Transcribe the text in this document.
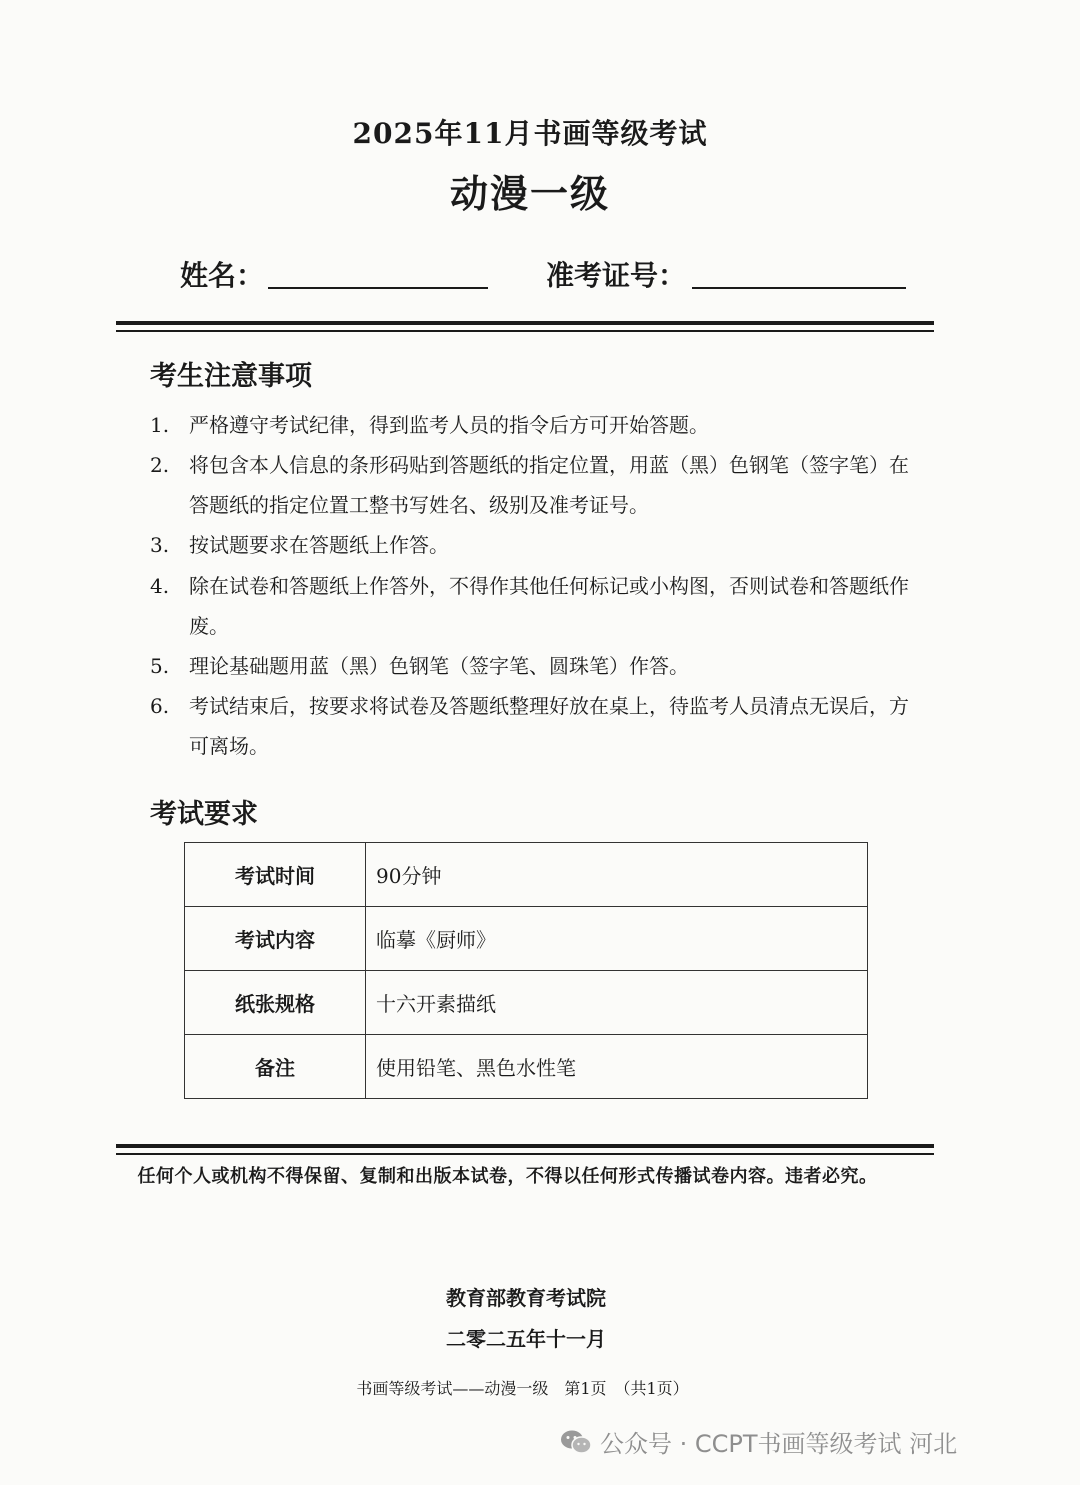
2025年11月书画等级考试
动漫一级
姓名：	准考证号：
考生注意事项
1. 严格遵守考试纪律，得到监考人员的指令后方可开始答题。
2. 将包含本人信息的条形码贴到答题纸的指定位置，用蓝（黑）色钢笔（签字笔）在答题纸的指定位置工整书写姓名、级别及准考证号。
3. 按试题要求在答题纸上作答。
4. 除在试卷和答题纸上作答外，不得作其他任何标记或小构图，否则试卷和答题纸作废。
5. 理论基础题用蓝（黑）色钢笔（签字笔、圆珠笔）作答。
6. 考试结束后，按要求将试卷及答题纸整理好放在桌上，待监考人员清点无误后，方可离场。
考试要求
考试时间	90分钟
考试内容	临摹《厨师》
纸张规格	十六开素描纸
备注	使用铅笔、黑色水性笔
任何个人或机构不得保留、复制和出版本试卷，不得以任何形式传播试卷内容。违者必究。
教育部教育考试院
二零二五年十一月
书画等级考试——动漫一级　第1页　（共1页）
公众号 · CCPT书画等级考试 河北
